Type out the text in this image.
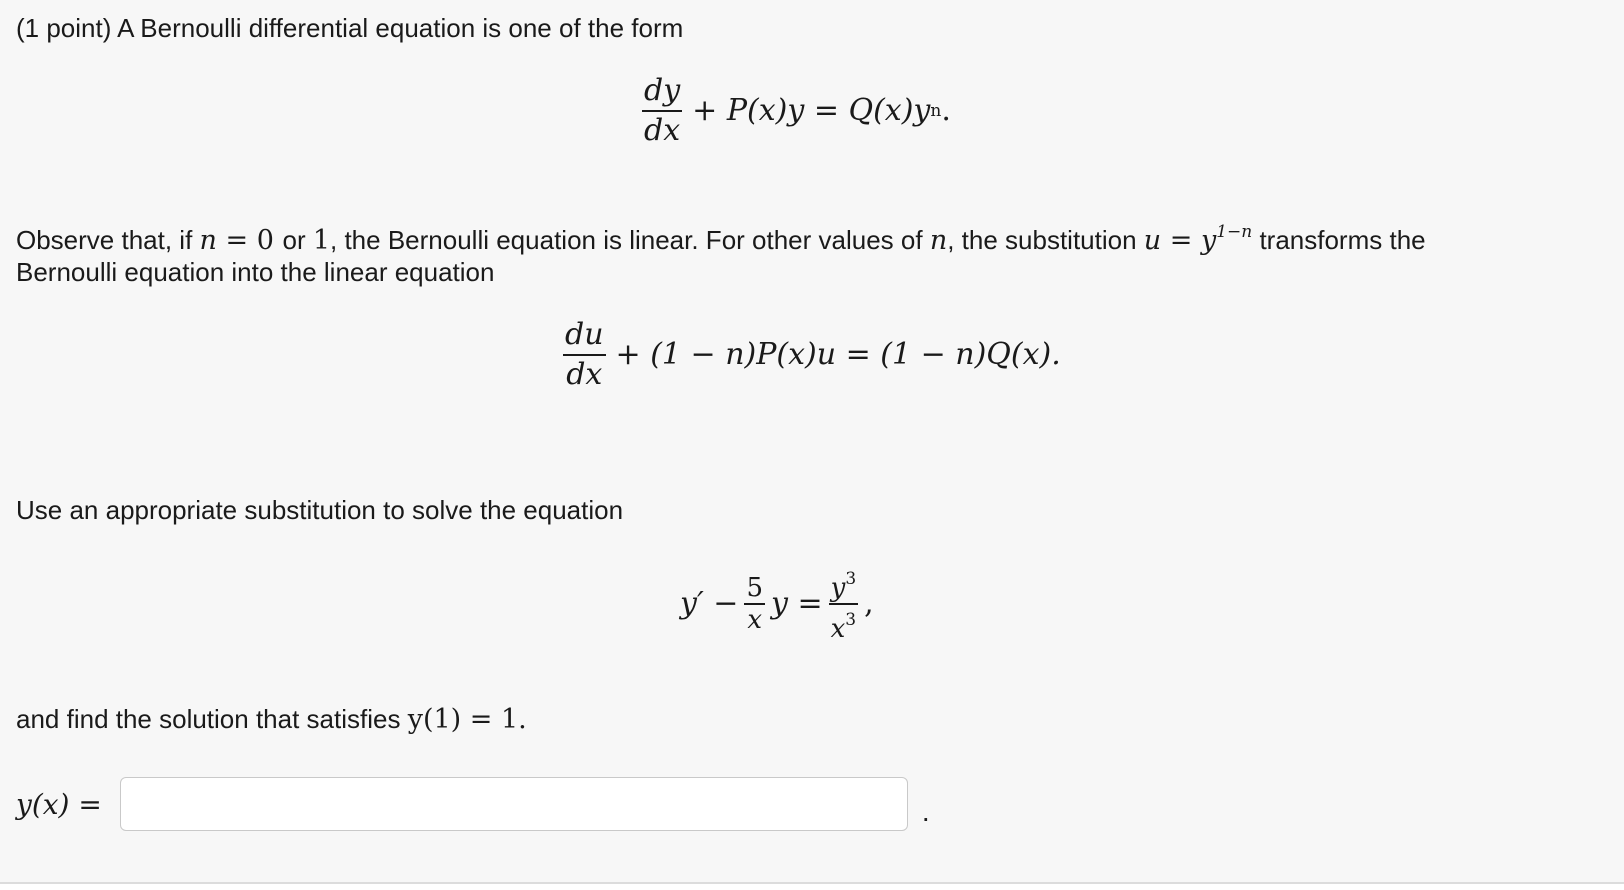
(1 point) A Bernoulli differential equation is one of the form
$\frac{dy}{dx} + P(x)y = Q(x)y$ n .
Observe that, if n = 0 or 1, the Bernoulli equation is linear. For other values of n, the substitution $u = y^{1-n}$ transforms the
Bernoulli equation into the linear equation
$\frac{du}{dx} + (1 - n)P(x)u = (1 - n)Q(x)$.
Use an appropriate substitution to solve the equation
$y' - \frac{5}{x}$ $y = \frac{y^3}{x^3}$ ,
and find the solution that satisfies y(1) = 1.
y(x) =	.
